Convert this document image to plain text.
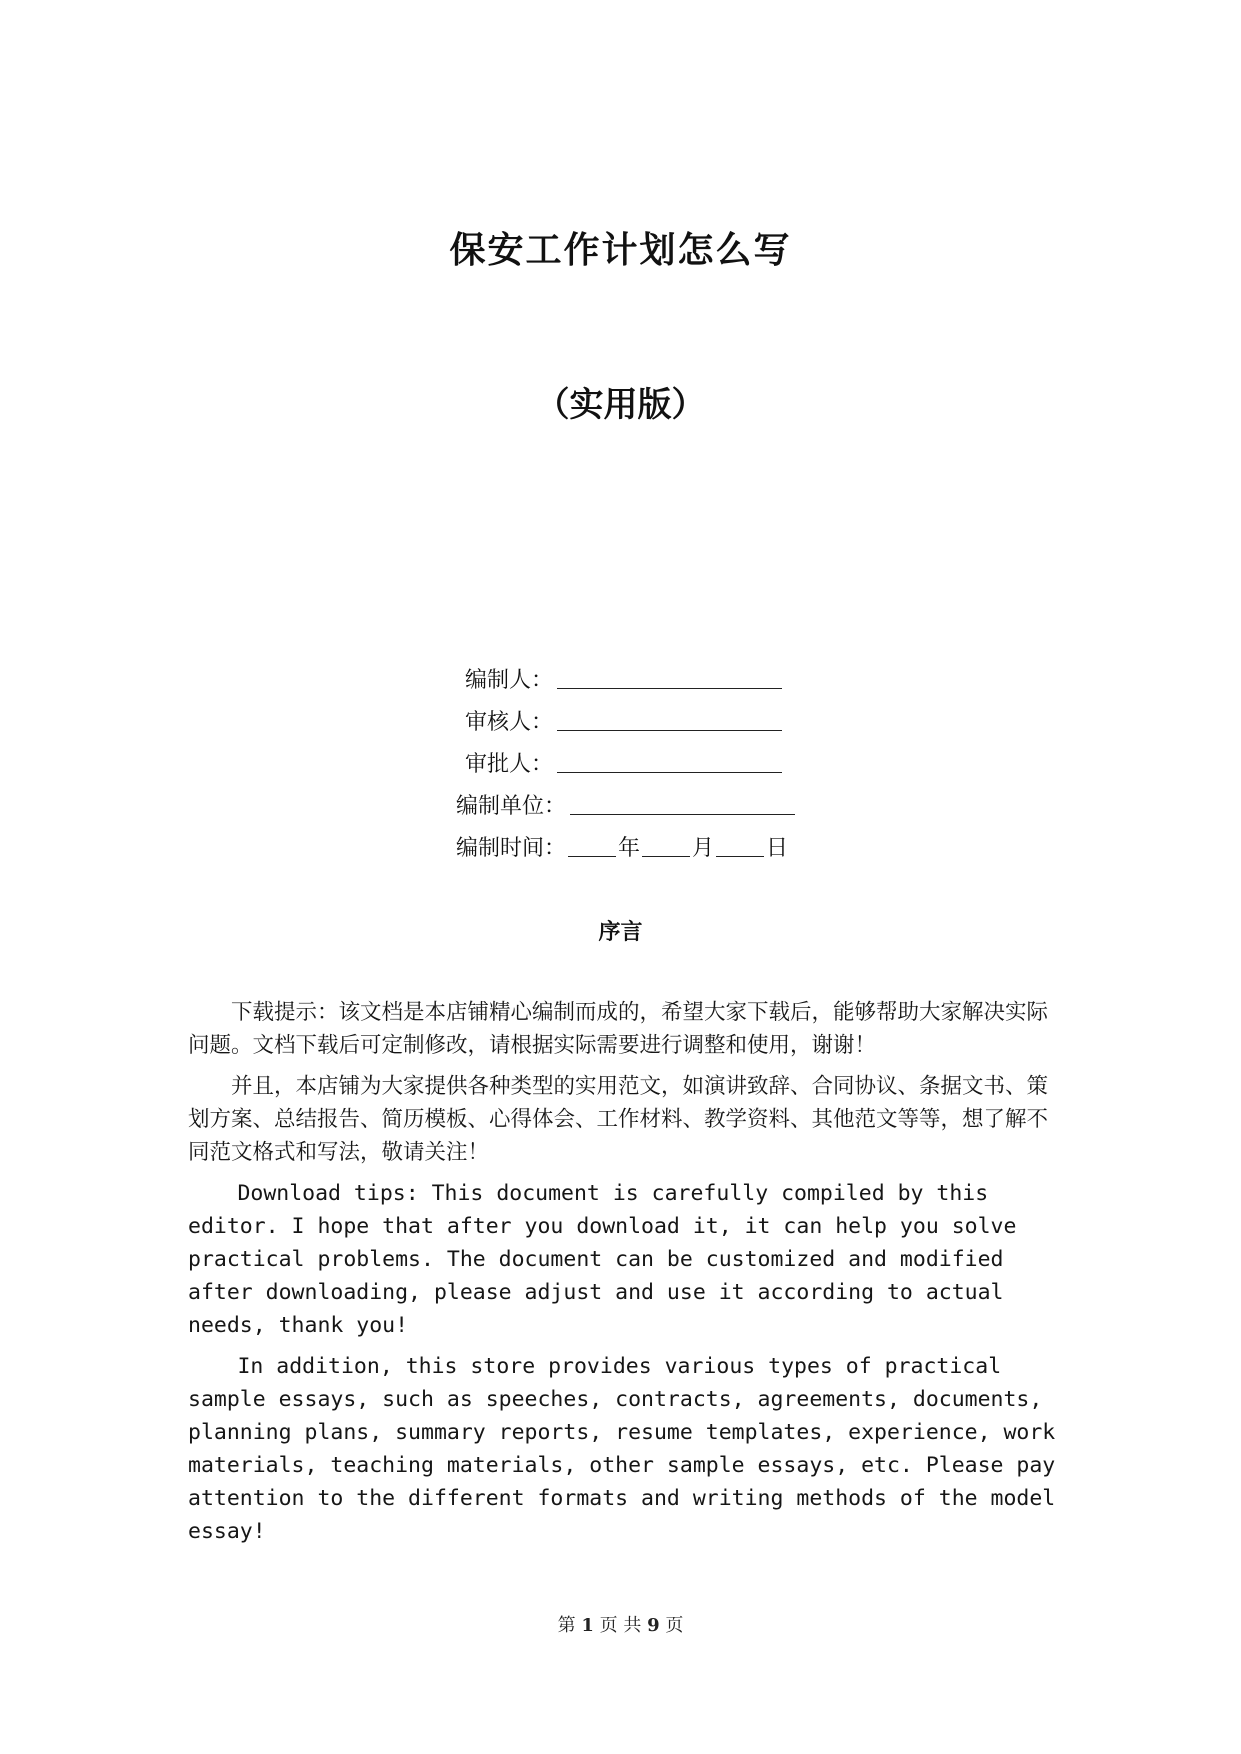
保安工作计划怎么写
（实用版）
编制人：
审核人：
审批人：
编制单位：
编制时间： 年 月 日
序言

下载提示：该文档是本店铺精心编制而成的，希望大家下载后，能够帮助大家解决实际问题。文档下载后可定制修改，请根据实际需要进行调整和使用，谢谢！

并且，本店铺为大家提供各种类型的实用范文，如演讲致辞、合同协议、条据文书、策划方案、总结报告、简历模板、心得体会、工作材料、教学资料、其他范文等等，想了解不同范文格式和写法，敬请关注！

Download tips: This document is carefully compiled by this editor. I hope that after you download it, it can help you solve practical problems. The document can be customized and modified after downloading, please adjust and use it according to actual needs, thank you!

In addition, this store provides various types of practical sample essays, such as speeches, contracts, agreements, documents, planning plans, summary reports, resume templates, experience, work materials, teaching materials, other sample essays, etc. Please pay attention to the different formats and writing methods of the model essay!

第 1 页 共 9 页
